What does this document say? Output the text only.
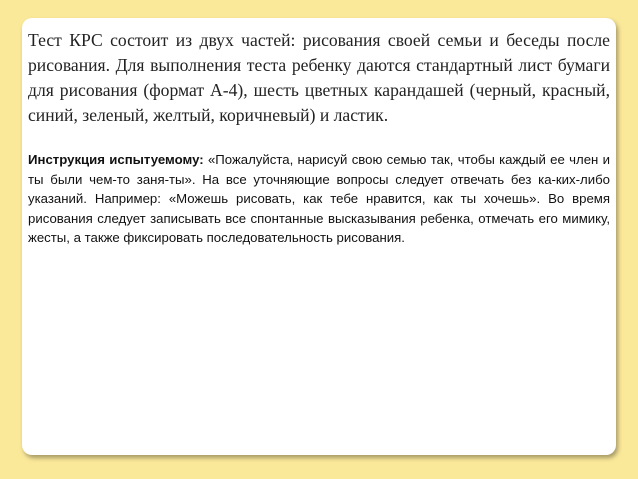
Тест КРС состоит из двух частей: рисования своей семьи и беседы после рисования. Для выполнения теста ребенку даются стандартный лист бумаги для рисования (формат А-4), шесть цветных карандашей (черный, красный, синий, зеленый, желтый, коричневый) и ластик.

Инструкция испытуемому: «Пожалуйста, нарисуй свою семью так, чтобы каждый ее член и ты были чем-то заня-ты». На все уточняющие вопросы следует отвечать без ка-ких-либо указаний. Например: «Можешь рисовать, как тебе нравится, как ты хочешь». Во время рисования следует записывать все спонтанные высказывания ребенка, отмечать его мимику, жесты, а также фиксировать последовательность рисования.
